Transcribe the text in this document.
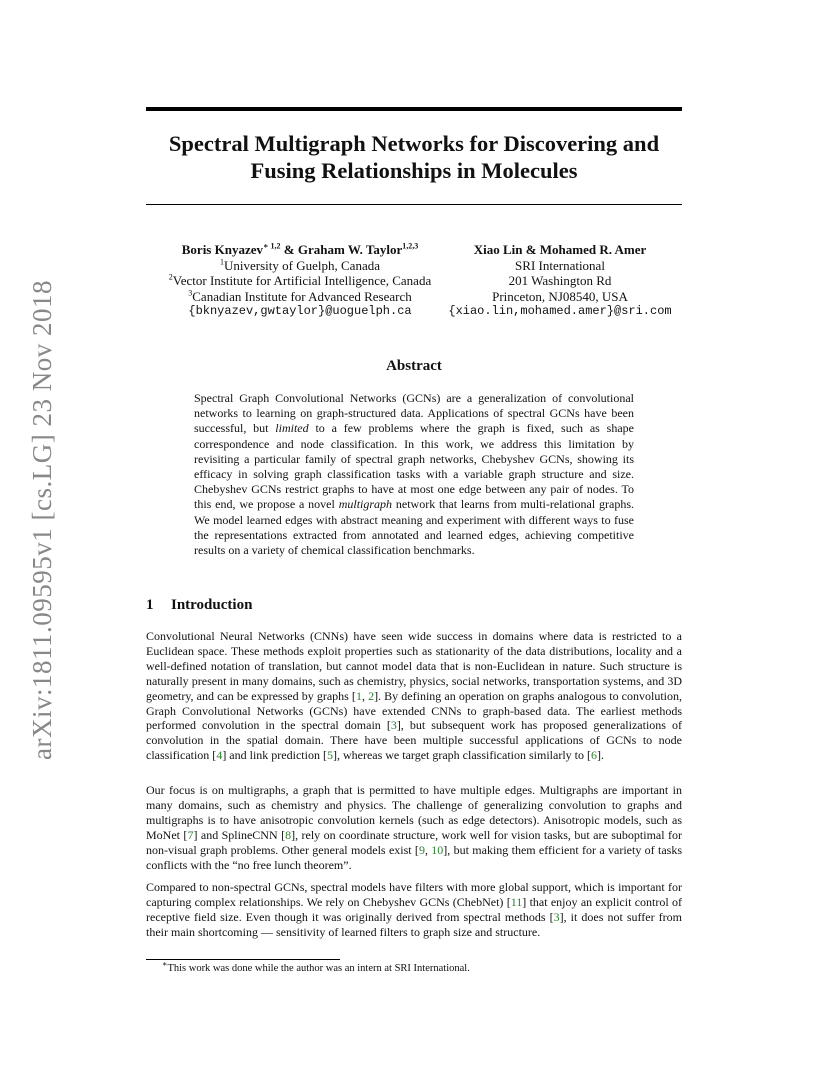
arXiv:1811.09595v1 [cs.LG] 23 Nov 2018
Spectral Multigraph Networks for Discovering and
Fusing Relationships in Molecules
Boris Knyazev$^{∗ 1,2}$ & Graham W. Taylor$^{1,2,3}$
$^1$University of Guelph, Canada
$^2$Vector Institute for Artificial Intelligence, Canada
$^3$Canadian Institute for Advanced Research
{bknyazev,gwtaylor}@uoguelph.ca
Xiao Lin & Mohamed R. Amer
SRI International
201 Washington Rd
Princeton, NJ08540, USA
{xiao.lin,mohamed.amer}@sri.com
Abstract
Spectral Graph Convolutional Networks (GCNs) are a generalization of convolutional networks to learning on graph-structured data. Applications of spectral GCNs have been successful, but limited to a few problems where the graph is fixed, such as shape correspondence and node classification. In this work, we address this limitation by revisiting a particular family of spectral graph networks, Chebyshev GCNs, showing its efficacy in solving graph classification tasks with a variable graph structure and size. Chebyshev GCNs restrict graphs to have at most one edge between any pair of nodes. To this end, we propose a novel multigraph network that learns from multi-relational graphs. We model learned edges with abstract meaning and experiment with different ways to fuse the representations extracted from annotated and learned edges, achieving competitive results on a variety of chemical classification benchmarks.
1 Introduction
Convolutional Neural Networks (CNNs) have seen wide success in domains where data is restricted to a Euclidean space. These methods exploit properties such as stationarity of the data distributions, locality and a well-defined notation of translation, but cannot model data that is non-Euclidean in nature. Such structure is naturally present in many domains, such as chemistry, physics, social networks, transportation systems, and 3D geometry, and can be expressed by graphs [1, 2]. By defining an operation on graphs analogous to convolution, Graph Convolutional Networks (GCNs) have extended CNNs to graph-based data. The earliest methods performed convolution in the spectral domain [3], but subsequent work has proposed generalizations of convolution in the spatial domain. There have been multiple successful applications of GCNs to node classification [4] and link prediction [5], whereas we target graph classification similarly to [6].
Our focus is on multigraphs, a graph that is permitted to have multiple edges. Multigraphs are important in many domains, such as chemistry and physics. The challenge of generalizing convolution to graphs and multigraphs is to have anisotropic convolution kernels (such as edge detectors). Anisotropic models, such as MoNet [7] and SplineCNN [8], rely on coordinate structure, work well for vision tasks, but are suboptimal for non-visual graph problems. Other general models exist [9, 10], but making them efficient for a variety of tasks conflicts with the “no free lunch theorem”.
Compared to non-spectral GCNs, spectral models have filters with more global support, which is important for capturing complex relationships. We rely on Chebyshev GCNs (ChebNet) [11] that enjoy an explicit control of receptive field size. Even though it was originally derived from spectral methods [3], it does not suffer from their main shortcoming — sensitivity of learned filters to graph size and structure.
∗This work was done while the author was an intern at SRI International.
